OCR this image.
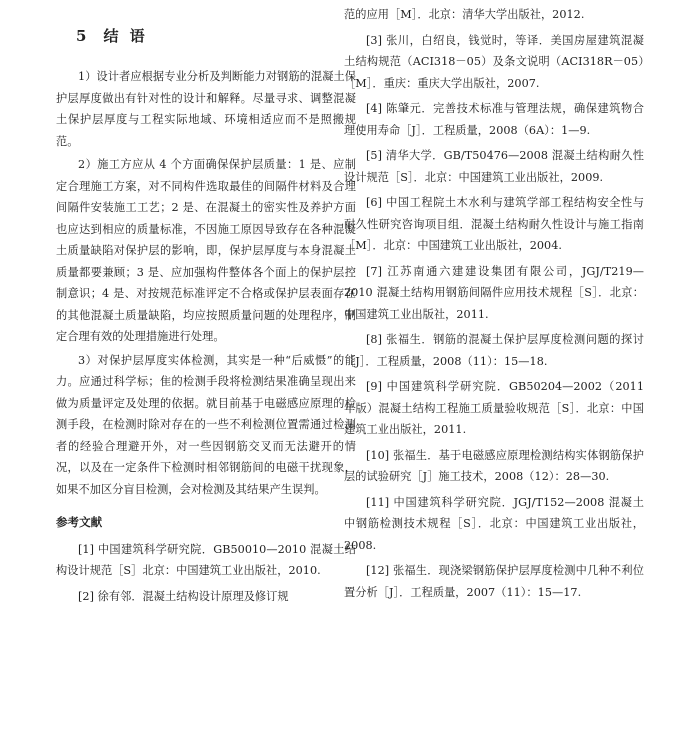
5 结 语

1）设计者应根据专业分析及判断能力对钢筋的混凝土保护层厚度做出有针对性的设计和解释。尽量寻求、调整混凝土保护层厚度与工程实际地域、环境相适应而不是照搬规范。

2）施工方应从 4 个方面确保保护层质量：1 是、应制定合理施工方案，对不同构件选取最佳的间隔件材料及合理间隔件安装施工工艺；2 是、在混凝土的密实性及养护方面也应达到相应的质量标准，不因施工原因导致存在各种混凝土质量缺陷对保护层的影响，即，保护层厚度与本身混凝土质量都要兼顾；3 是、应加强构件整体各个面上的保护层控制意识；4 是、对按规范标准评定不合格或保护层表面存在的其他混凝土质量缺陷，均应按照质量问题的处理程序，制定合理有效的处理措施进行处理。

3）对保护层厚度实体检测，其实是一种“后威慑”的能力。应通过科学标；隹的检测手段将检测结果准确呈现出来做为质量评定及处理的依据。就目前基于电磁感应原理的检测手段，在检测时除对存在的一些不利检测位置需通过检测者的经验合理避开外，对一些因钢筋交叉而无法避开的情况，以及在一定条件下检测时相邻钢筋间的电磁干扰现象，如果不加区分盲目检测，会对检测及其结果产生误判。

参考文献

[1] 中国建筑科学研究院．GB50010—2010 混凝土结构设计规范［S］北京：中国建筑工业出版社，2010.

[2] 徐有邻．混凝土结构设计原理及修订规

范的应用［M］．北京：清华大学出版社，2012.

[3] 张川，白绍良，钱觉时，等译．美国房屋建筑混凝土结构规范（ACI318－05）及条文说明（ACI318R－05）［M］．重庆：重庆大学出版社，2007.

[4] 陈肇元．完善技术标准与管理法规，确保建筑物合理使用寿命［J］．工程质量，2008（6A）：1—9.

[5] 清华大学．GB/T50476—2008 混凝土结构耐久性设计规范［S］．北京：中国建筑工业出版社，2009.

[6] 中国工程院土木水利与建筑学部工程结构安全性与耐久性研究咨询项目组．混凝土结构耐久性设计与施工指南［M］．北京：中国建筑工业出版社，2004.

[7] 江苏南通六建建设集团有限公司，JGJ/T219—2010 混凝土结构用钢筋间隔件应用技术规程［S］．北京：中国建筑工业出版社，2011.

[8] 张福生．钢筋的混凝土保护层厚度检测问题的探讨［J］．工程质量，2008（11）：15—18.

[9] 中国建筑科学研究院．GB50204—2002（2011 年版）混凝土结构工程施工质量验收规范［S］．北京：中国建筑工业出版社，2011.

[10] 张福生．基于电磁感应原理检测结构实体钢筋保护层的试验研究［J］施工技术，2008（12）：28—30.

[11] 中国建筑科学研究院．JGJ/T152—2008 混凝土中钢筋检测技术规程［S］．北京：中国建筑工业出版社，2008.

[12] 张福生．现浇梁钢筋保护层厚度检测中几种不利位置分析［J］．工程质量，2007（11）：15—17.
